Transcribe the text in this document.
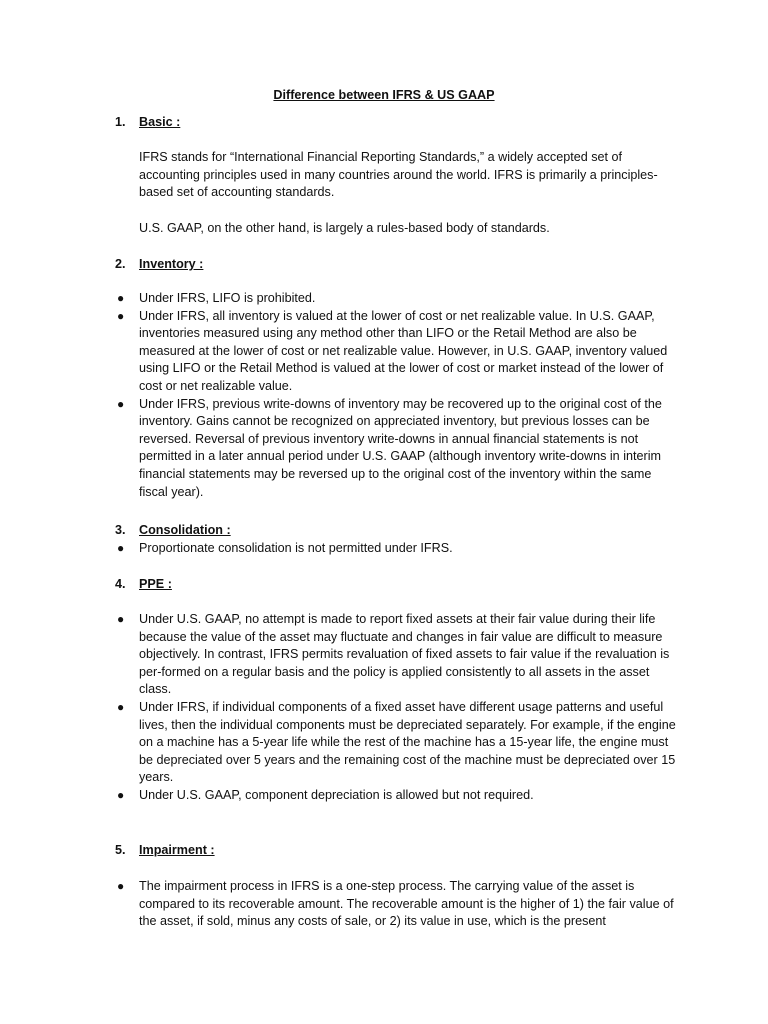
Difference between IFRS & US GAAP
1. Basic :

IFRS stands for “International Financial Reporting Standards,” a widely accepted set of accounting principles used in many countries around the world. IFRS is primarily a principles-based set of accounting standards.

U.S. GAAP, on the other hand, is largely a rules-based body of standards.

2. Inventory :
● Under IFRS, LIFO is prohibited.
● Under IFRS, all inventory is valued at the lower of cost or net realizable value. In U.S. GAAP, inventories measured using any method other than LIFO or the Retail Method are also be measured at the lower of cost or net realizable value. However, in U.S. GAAP, inventory valued using LIFO or the Retail Method is valued at the lower of cost or market instead of the lower of cost or net realizable value.
● Under IFRS, previous write-downs of inventory may be recovered up to the original cost of the inventory. Gains cannot be recognized on appreciated inventory, but previous losses can be reversed. Reversal of previous inventory write-downs in annual financial statements is not permitted in a later annual period under U.S. GAAP (although inventory write-downs in interim financial statements may be reversed up to the original cost of the inventory within the same fiscal year).
3. Consolidation :
● Proportionate consolidation is not permitted under IFRS.
4. PPE :
● Under U.S. GAAP, no attempt is made to report fixed assets at their fair value during their life because the value of the asset may fluctuate and changes in fair value are difficult to measure objectively. In contrast, IFRS permits revaluation of fixed assets to fair value if the revaluation is per-formed on a regular basis and the policy is applied consistently to all assets in the asset class.
● Under IFRS, if individual components of a fixed asset have different usage patterns and useful lives, then the individual components must be depreciated separately. For example, if the engine on a machine has a 5-year life while the rest of the machine has a 15-year life, the engine must be depreciated over 5 years and the remaining cost of the machine must be depreciated over 15 years.
● Under U.S. GAAP, component depreciation is allowed but not required.
5. Impairment :
● The impairment process in IFRS is a one-step process. The carrying value of the asset is compared to its recoverable amount. The recoverable amount is the higher of 1) the fair value of the asset, if sold, minus any costs of sale, or 2) its value in use, which is the present
